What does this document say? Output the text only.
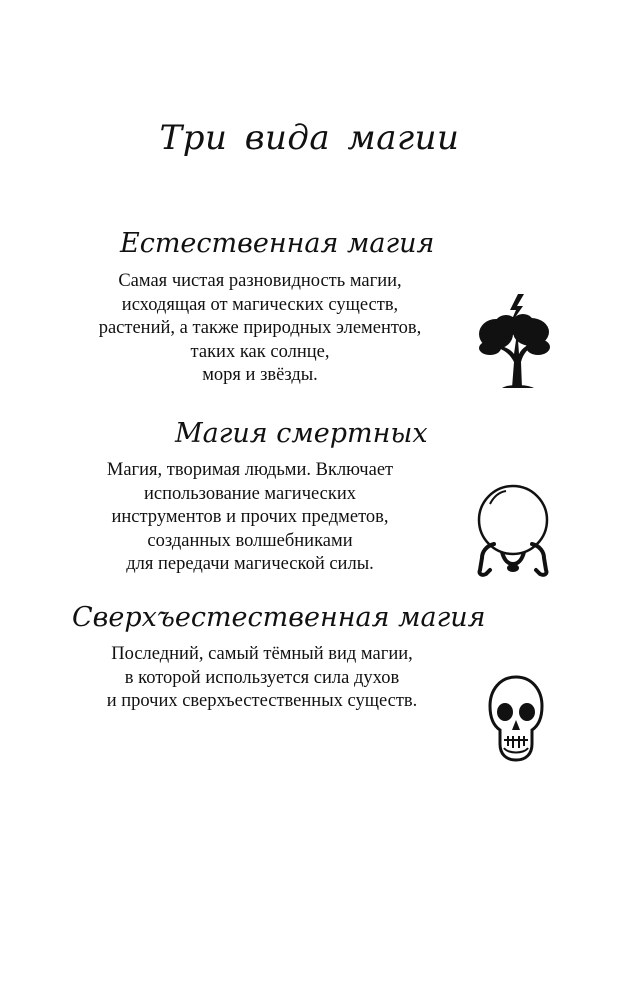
Три вида магии
Естественная магия
Самая чистая разновидность магии,
исходящая от магических существ,
растений, а также природных элементов,
таких как солнце,
моря и звёзды.
Магия смертных
Магия, творимая людьми. Включает
использование магических
инструментов и прочих предметов,
созданных волшебниками
для передачи магической силы.
Сверхъестественная магия
Последний, самый тёмный вид магии,
в которой используется сила духов
и прочих сверхъестественных существ.
